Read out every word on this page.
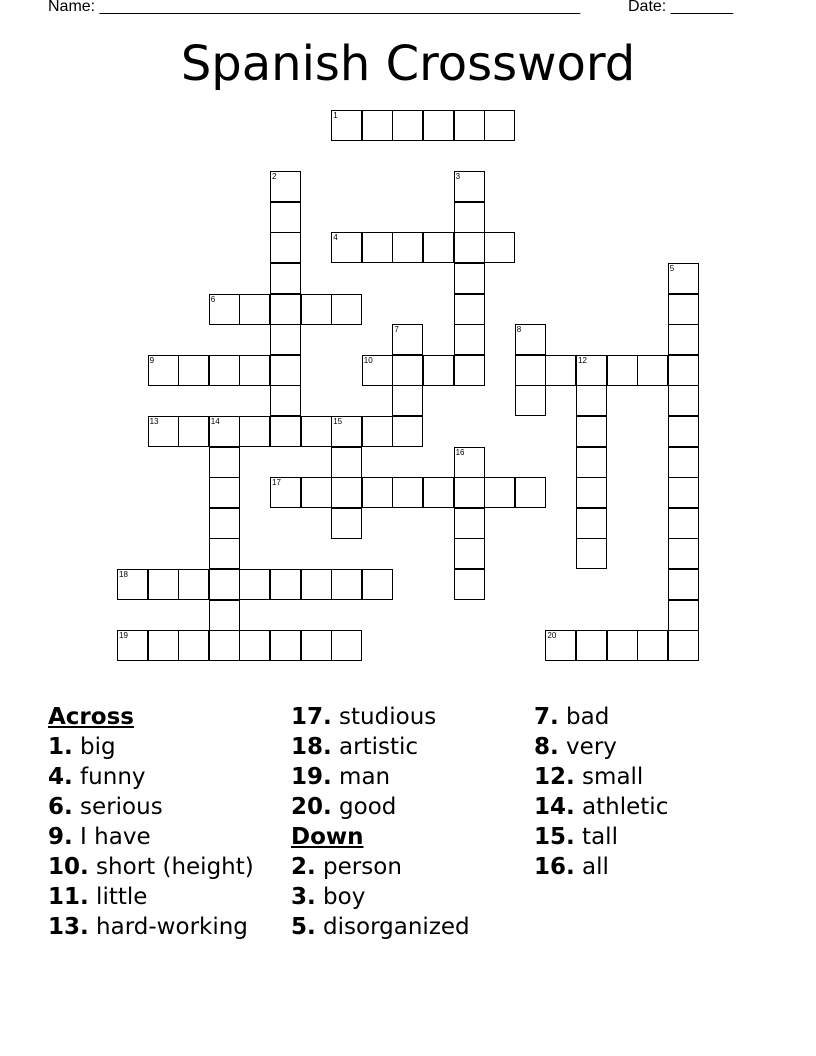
Name: ______________________________________________________	Date: _______
Spanish Crossword
1
2	3
4
5
6
7	8
9	10	12
13	14	15
16
17
18
19	20
Across
1. big
4. funny
6. serious
9. I have
10. short (height)
11. little
13. hard-working
17. studious
18. artistic
19. man
20. good
Down
2. person
3. boy
5. disorganized
7. bad
8. very
12. small
14. athletic
15. tall
16. all
